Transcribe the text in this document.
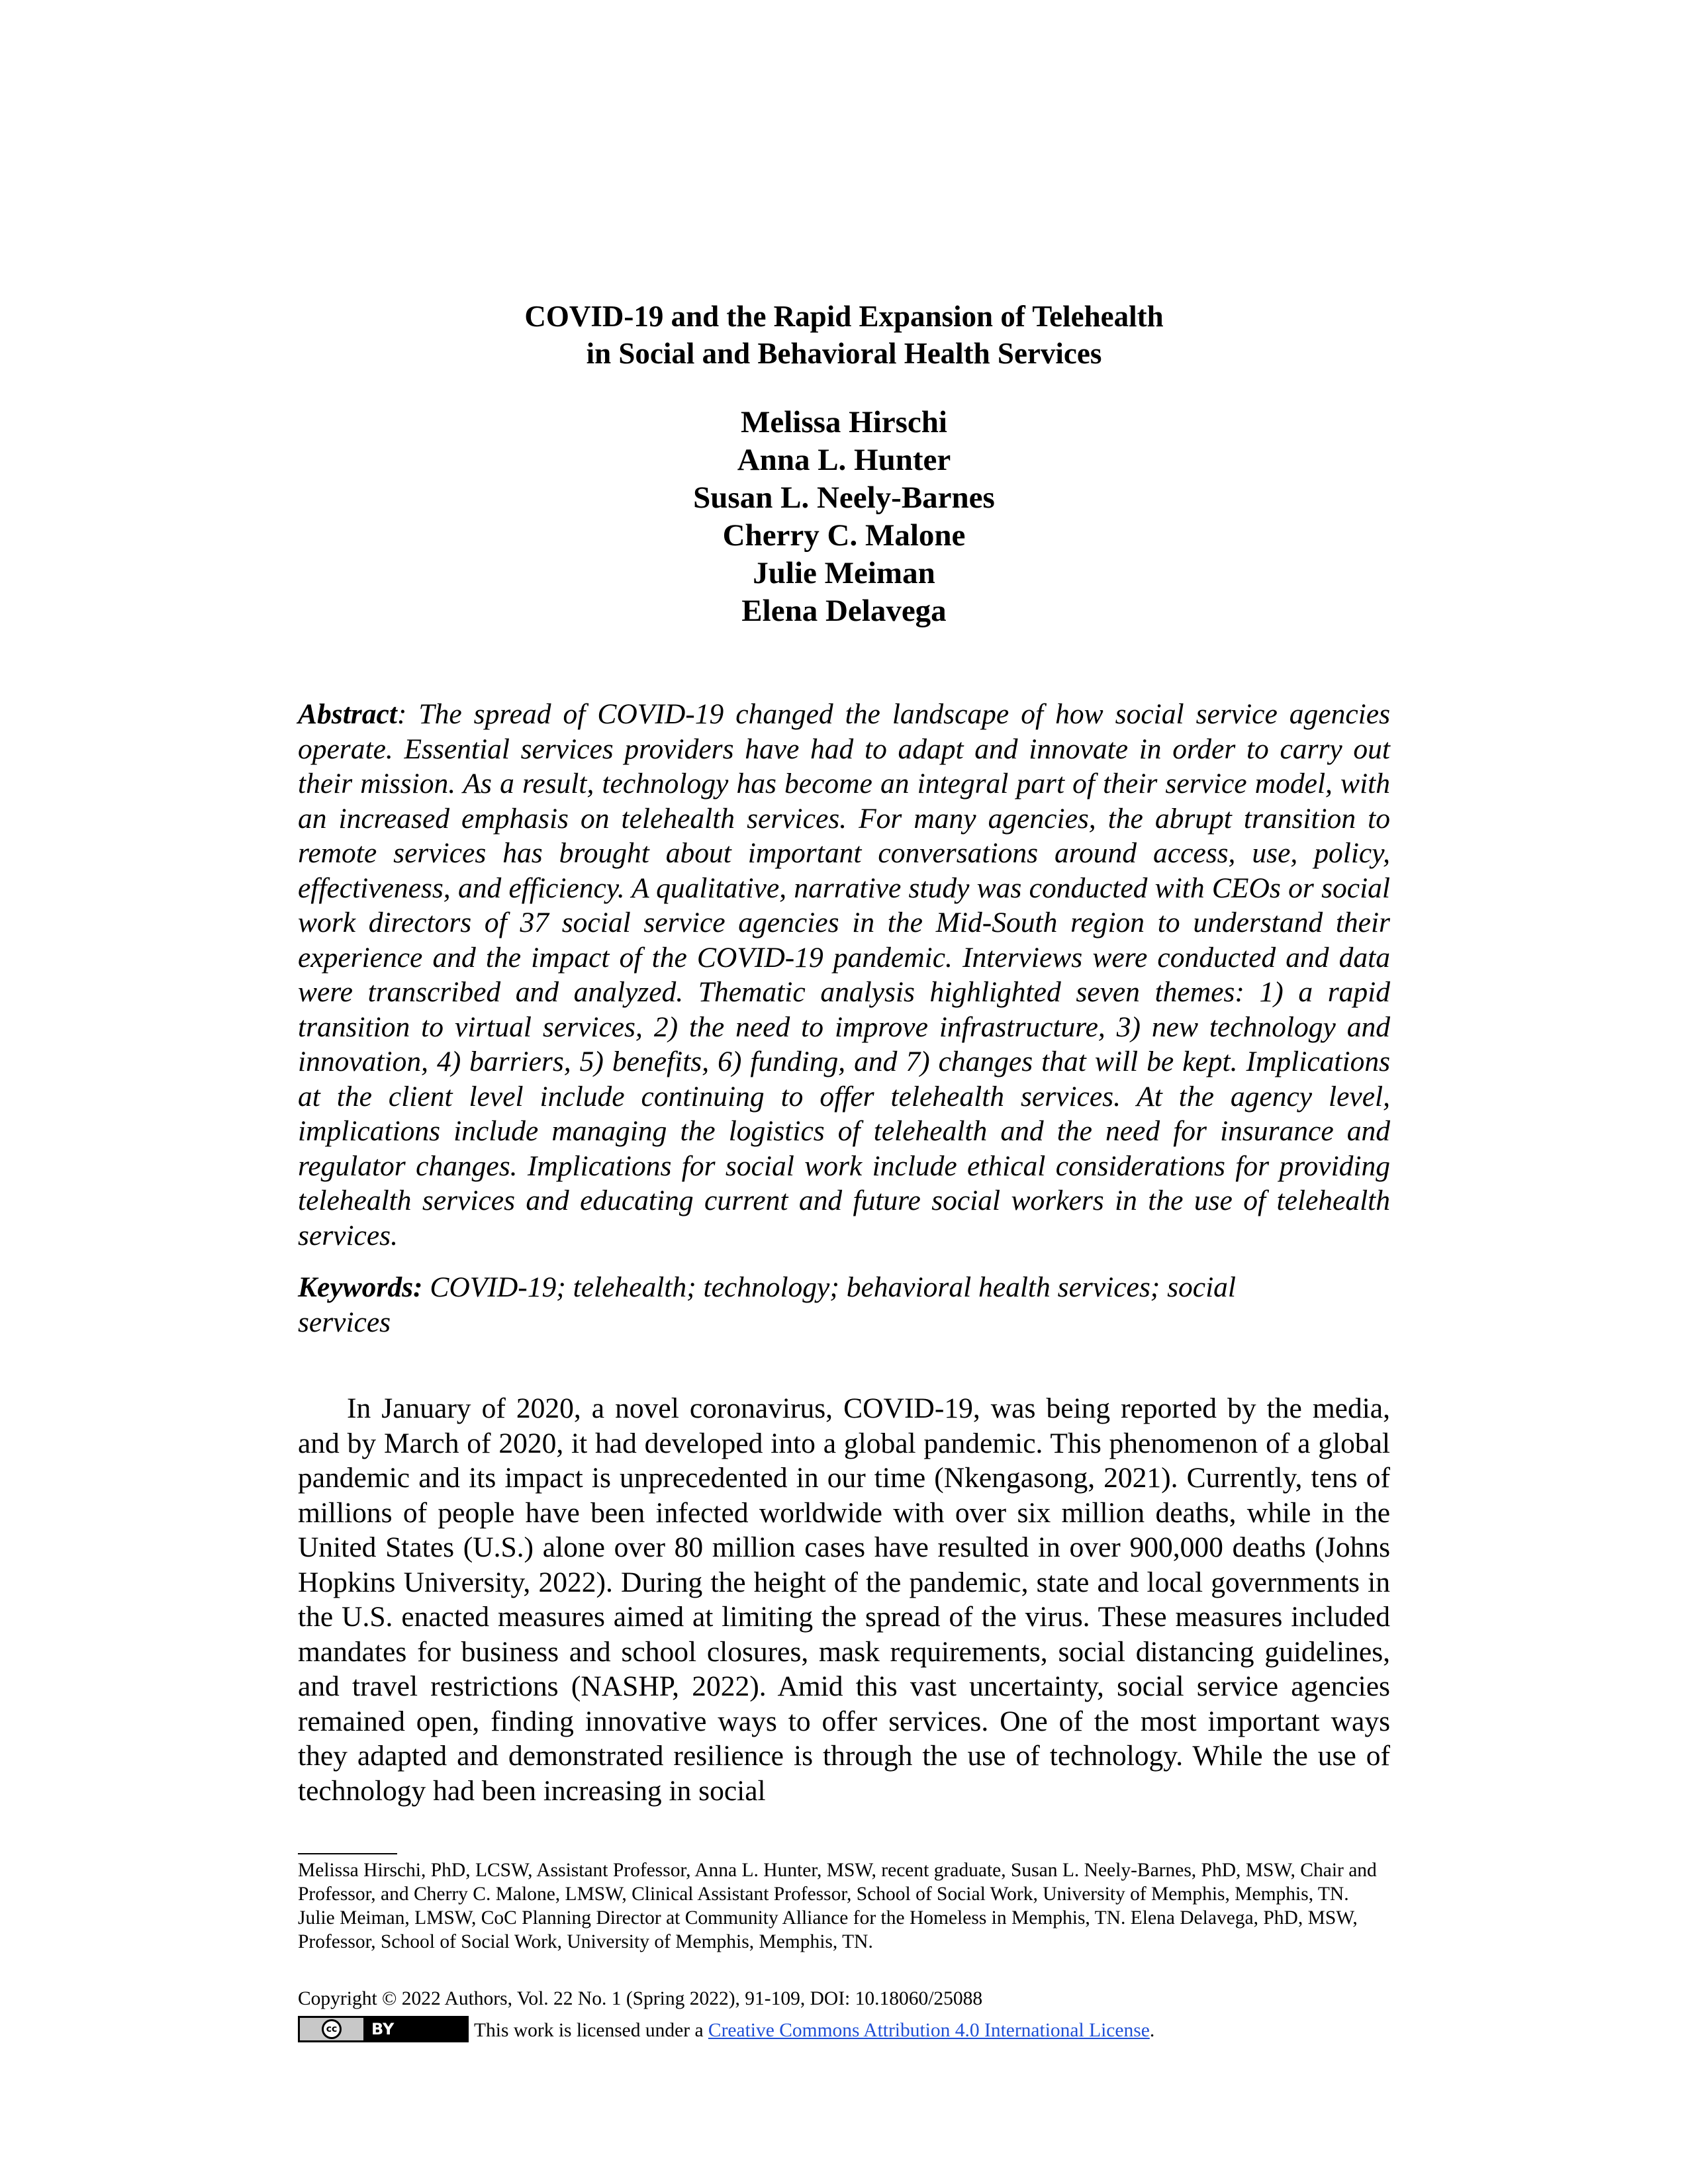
COVID-19 and the Rapid Expansion of Telehealth
in Social and Behavioral Health Services
Melissa Hirschi
Anna L. Hunter
Susan L. Neely-Barnes
Cherry C. Malone
Julie Meiman
Elena Delavega
Abstract: The spread of COVID-19 changed the landscape of how social service agencies operate. Essential services providers have had to adapt and innovate in order to carry out their mission. As a result, technology has become an integral part of their service model, with an increased emphasis on telehealth services. For many agencies, the abrupt transition to remote services has brought about important conversations around access, use, policy, effectiveness, and efficiency. A qualitative, narrative study was conducted with CEOs or social work directors of 37 social service agencies in the Mid-South region to understand their experience and the impact of the COVID-19 pandemic. Interviews were conducted and data were transcribed and analyzed. Thematic analysis highlighted seven themes: 1) a rapid transition to virtual services, 2) the need to improve infrastructure, 3) new technology and innovation, 4) barriers, 5) benefits, 6) funding, and 7) changes that will be kept. Implications at the client level include continuing to offer telehealth services. At the agency level, implications include managing the logistics of telehealth and the need for insurance and regulator changes. Implications for social work include ethical considerations for providing telehealth services and educating current and future social workers in the use of telehealth services.
Keywords: COVID-19; telehealth; technology; behavioral health services; social services
In January of 2020, a novel coronavirus, COVID-19, was being reported by the media, and by March of 2020, it had developed into a global pandemic. This phenomenon of a global pandemic and its impact is unprecedented in our time (Nkengasong, 2021). Currently, tens of millions of people have been infected worldwide with over six million deaths, while in the United States (U.S.) alone over 80 million cases have resulted in over 900,000 deaths (Johns Hopkins University, 2022). During the height of the pandemic, state and local governments in the U.S. enacted measures aimed at limiting the spread of the virus. These measures included mandates for business and school closures, mask requirements, social distancing guidelines, and travel restrictions (NASHP, 2022). Amid this vast uncertainty, social service agencies remained open, finding innovative ways to offer services. One of the most important ways they adapted and demonstrated resilience is through the use of technology. While the use of technology had been increasing in social
Melissa Hirschi, PhD, LCSW, Assistant Professor, Anna L. Hunter, MSW, recent graduate, Susan L. Neely-Barnes, PhD, MSW, Chair and Professor, and Cherry C. Malone, LMSW, Clinical Assistant Professor, School of Social Work, University of Memphis, Memphis, TN. Julie Meiman, LMSW, CoC Planning Director at Community Alliance for the Homeless in Memphis, TN. Elena Delavega, PhD, MSW, Professor, School of Social Work, University of Memphis, Memphis, TN.
Copyright © 2022 Authors, Vol. 22 No. 1 (Spring 2022), 91-109, DOI: 10.18060/25088
cc BY	This work is licensed under a Creative Commons Attribution 4.0 International License.
